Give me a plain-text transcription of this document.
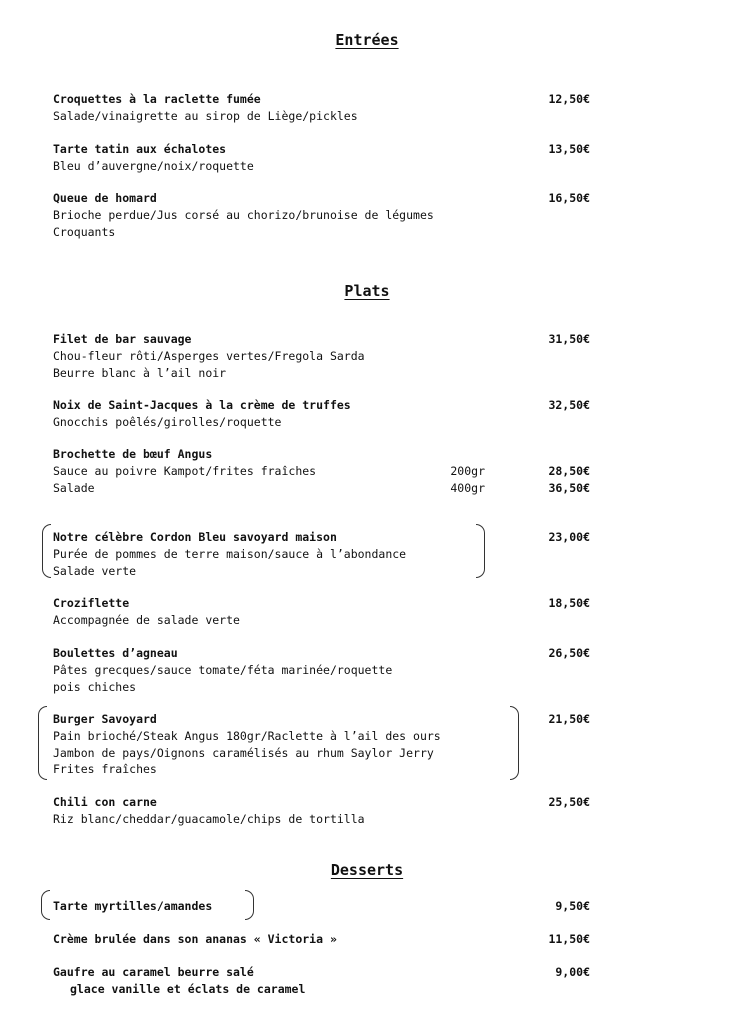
Entrées
Croquettes à la raclette fumée
Salade/vinaigrette au sirop de Liège/pickles
12,50€
Tarte tatin aux échalotes
Bleu d’auvergne/noix/roquette
13,50€
Queue de homard
Brioche perdue/Jus corsé au chorizo/brunoise de légumes
Croquants
16,50€
Plats
Filet de bar sauvage
Chou-fleur rôti/Asperges vertes/Fregola Sarda
Beurre blanc à l’ail noir
31,50€
Noix de Saint-Jacques à la crème de truffes
Gnocchis poêlés/girolles/roquette
32,50€
Brochette de bœuf Angus
Sauce au poivre Kampot/frites fraîches
Salade
200gr
400gr
28,50€
36,50€
Notre célèbre Cordon Bleu savoyard maison
Purée de pommes de terre maison/sauce à l’abondance
Salade verte
23,00€
Croziflette
Accompagnée de salade verte
18,50€
Boulettes d’agneau
Pâtes grecques/sauce tomate/féta marinée/roquette
pois chiches
26,50€
Burger Savoyard
Pain brioché/Steak Angus 180gr/Raclette à l’ail des ours
Jambon de pays/Oignons caramélisés au rhum Saylor Jerry
Frites fraîches
21,50€
Chili con carne
Riz blanc/cheddar/guacamole/chips de tortilla
25,50€
Desserts
Tarte myrtilles/amandes	9,50€
Crème brulée dans son ananas « Victoria »	11,50€
Gaufre au caramel beurre salé
glace vanille et éclats de caramel
9,00€
